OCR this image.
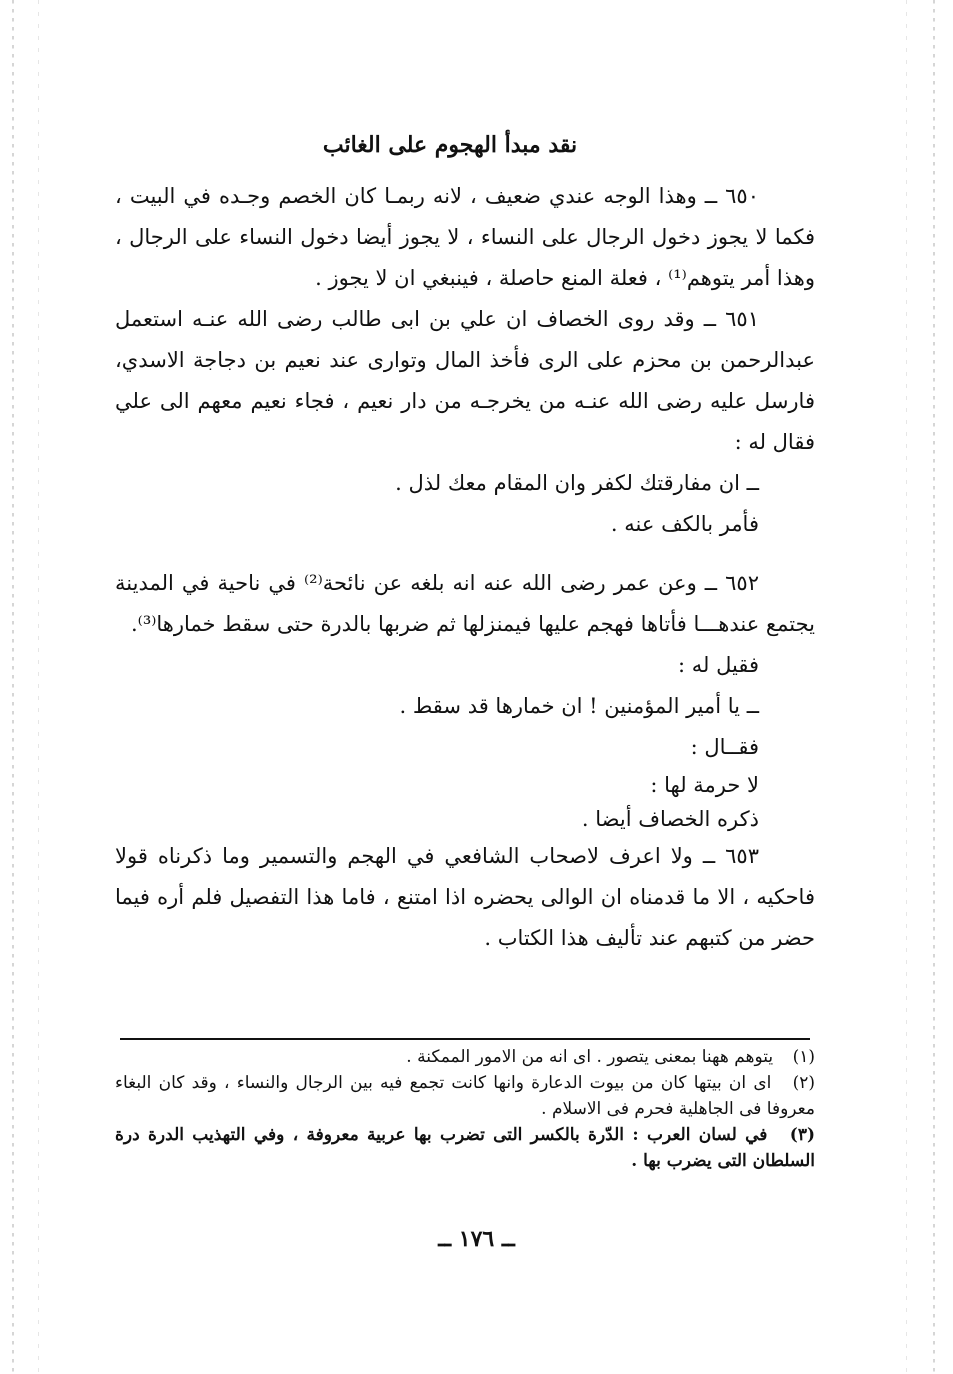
نقد مبدأ الهجوم على الغائب

٦٥٠ ــ وهذا الوجه عندي ضعيف ، لانه ربمـا كان الخصم وجـده في البيت ، فكما لا يجوز دخول الرجال على النساء ، لا يجوز أيضا دخول النساء على الرجال ، وهذا أمر يتوهم⁽¹⁾ ، فعلة المنع حاصلة ، فينبغي ان لا يجوز .

٦٥١ ــ وقد روى الخصاف ان علي بن ابى طالب رضى الله عنـه استعمل عبدالرحمن بن محزم على الرى فأخذ المال وتوارى عند نعيم بن دجاجة الاسدي، فارسل عليه رضى الله عنـه من يخرجـه من دار نعيم ، فجاء نعيم معهم الى علي فقال له :

ــ ان مفارقتك لكفر وان المقام معك لذل .

فأمر بالكف عنه .

٦٥٢ ــ وعن عمر رضى الله عنه انه بلغه عن نائحة⁽²⁾ في ناحية في المدينة يجتمع عندهـــا فأتاها فهجم عليها فيمنزلها ثم ضربها بالدرة حتى سقط خمارها⁽³⁾.

فقيل له :

ــ يا أمير المؤمنين ! ان خمارها قد سقط .

فقــال :

لا حرمة لها :

ذكره الخصاف أيضا .

٦٥٣ ــ ولا اعرف لاصحاب الشافعي في الهجم والتسمير وما ذكرناه قولا فاحكيه ، الا ما قدمناه ان الوالى يحضره اذا امتنع ، فاما هذا التفصيل فلم أره فيما حضر من كتبهم عند تأليف هذا الكتاب .

(١) يتوهم ههنا بمعنى يتصور . اى انه من الامور الممكنة .

(٢) اى ان بيتها كان من بيوت الدعارة وانها كانت تجمع فيه بين الرجال والنساء ، وقد كان البغاء معروفا فى الجاهلية فحرم فى الاسلام .

(٣) في لسان العرب : الدّرة بالكسر التى تضرب بها عربية معروفة ، وفي التهذيب الدرة درة السلطان التى يضرب بها .

ــ ١٧٦ ــ
